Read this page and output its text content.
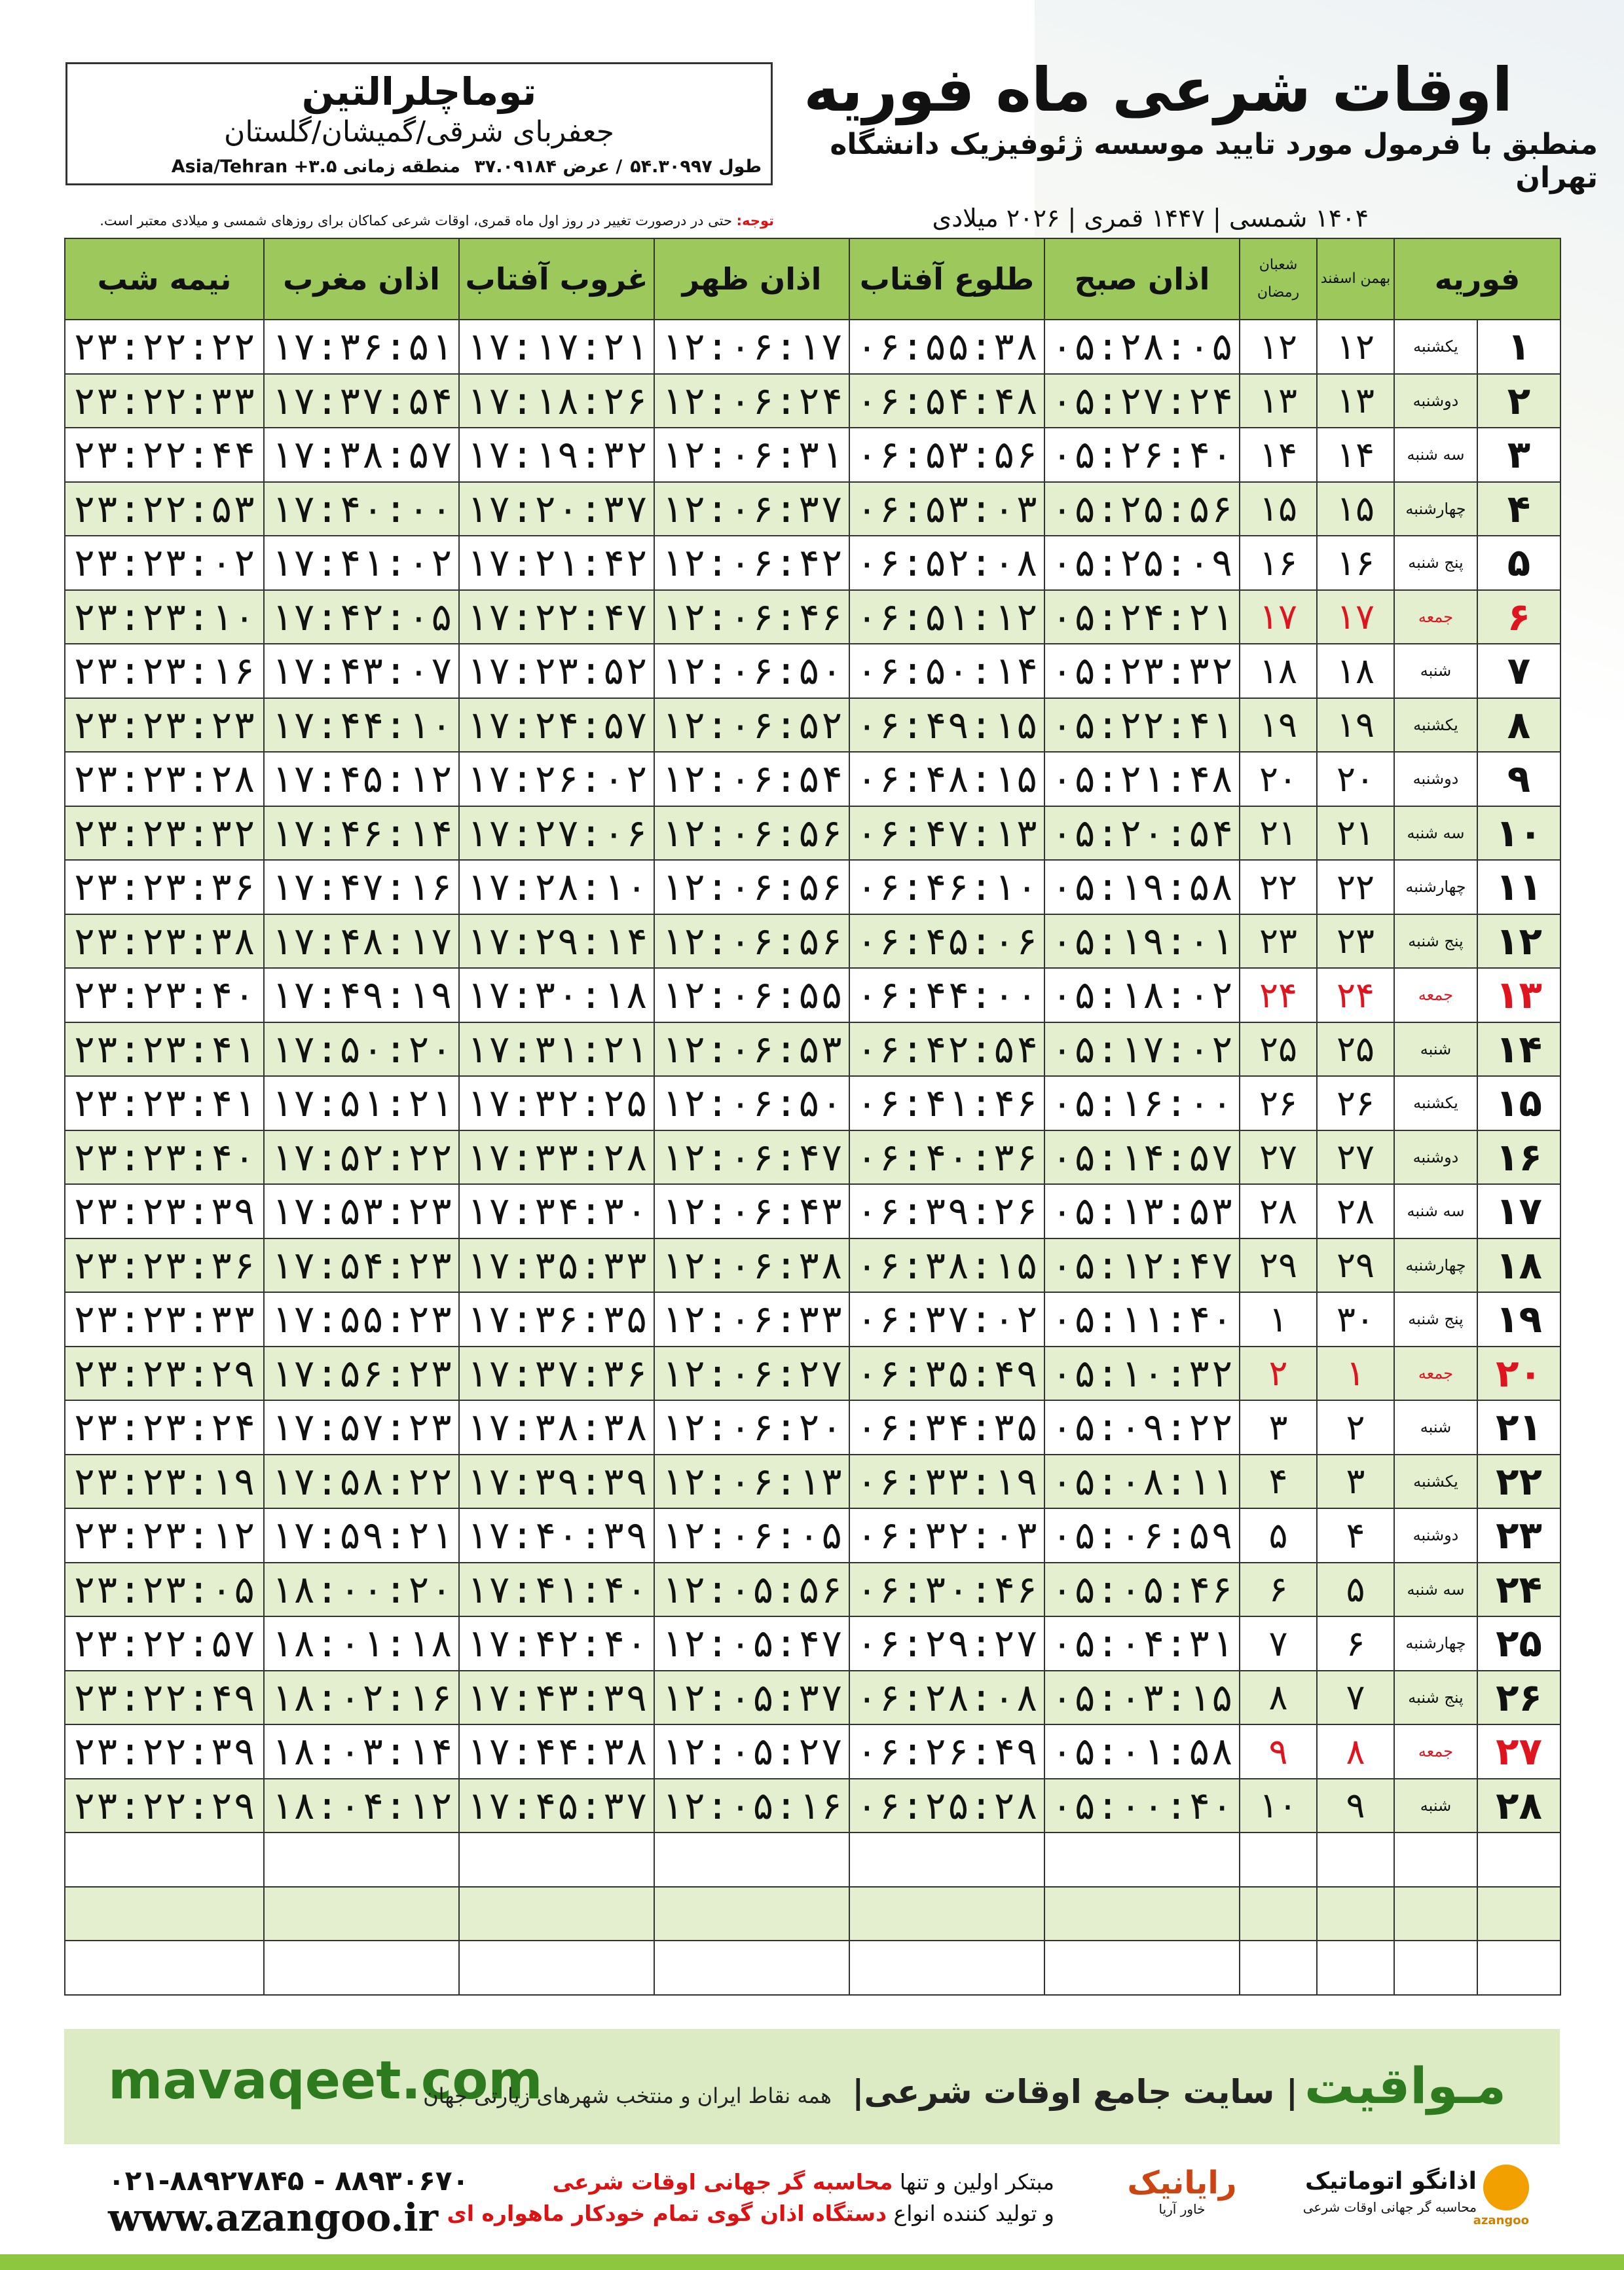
توماچلرالتین
جعفربای شرقی/گمیشان/گلستان
طول ۵۴.۳۰۹۹۷/ عرض ۳۷.۰۹۱۸۴ منطقه زمانی ۳.۵+ Asia/Tehran
اوقات شرعی ماه فوریه
منطبق با فرمول مورد تایید موسسه ژئوفیزیک دانشگاه تهران
۱۴۰۴ شمسی | ۱۴۴۷ قمری | ۲۰۲۶ میلادی
توجه: حتی در درصورت تغییر در روز اول ماه قمری، اوقات شرعی کماکان برای روزهای شمسی و میلادی معتبر است.
فوریه		بهمن اسفند	شعبان رمضان	اذان صبح	طلوع آفتاب	اذان ظهر	غروب آفتاب	اذان مغرب	نیمه شب
۱	یکشنبه	۱۲	۱۲	۰۵:۲۸:۰۵	۰۶:۵۵:۳۸	۱۲:۰۶:۱۷	۱۷:۱۷:۲۱	۱۷:۳۶:۵۱	۲۳:۲۲:۲۲
۲	دوشنبه	۱۳	۱۳	۰۵:۲۷:۲۴	۰۶:۵۴:۴۸	۱۲:۰۶:۲۴	۱۷:۱۸:۲۶	۱۷:۳۷:۵۴	۲۳:۲۲:۳۳
۳	سه شنبه	۱۴	۱۴	۰۵:۲۶:۴۰	۰۶:۵۳:۵۶	۱۲:۰۶:۳۱	۱۷:۱۹:۳۲	۱۷:۳۸:۵۷	۲۳:۲۲:۴۴
۴	چهارشنبه	۱۵	۱۵	۰۵:۲۵:۵۶	۰۶:۵۳:۰۳	۱۲:۰۶:۳۷	۱۷:۲۰:۳۷	۱۷:۴۰:۰۰	۲۳:۲۲:۵۳
۵	پنج شنبه	۱۶	۱۶	۰۵:۲۵:۰۹	۰۶:۵۲:۰۸	۱۲:۰۶:۴۲	۱۷:۲۱:۴۲	۱۷:۴۱:۰۲	۲۳:۲۳:۰۲
۶	جمعه	۱۷	۱۷	۰۵:۲۴:۲۱	۰۶:۵۱:۱۲	۱۲:۰۶:۴۶	۱۷:۲۲:۴۷	۱۷:۴۲:۰۵	۲۳:۲۳:۱۰
۷	شنبه	۱۸	۱۸	۰۵:۲۳:۳۲	۰۶:۵۰:۱۴	۱۲:۰۶:۵۰	۱۷:۲۳:۵۲	۱۷:۴۳:۰۷	۲۳:۲۳:۱۶
۸	یکشنبه	۱۹	۱۹	۰۵:۲۲:۴۱	۰۶:۴۹:۱۵	۱۲:۰۶:۵۲	۱۷:۲۴:۵۷	۱۷:۴۴:۱۰	۲۳:۲۳:۲۳
۹	دوشنبه	۲۰	۲۰	۰۵:۲۱:۴۸	۰۶:۴۸:۱۵	۱۲:۰۶:۵۴	۱۷:۲۶:۰۲	۱۷:۴۵:۱۲	۲۳:۲۳:۲۸
۱۰	سه شنبه	۲۱	۲۱	۰۵:۲۰:۵۴	۰۶:۴۷:۱۳	۱۲:۰۶:۵۶	۱۷:۲۷:۰۶	۱۷:۴۶:۱۴	۲۳:۲۳:۳۲
۱۱	چهارشنبه	۲۲	۲۲	۰۵:۱۹:۵۸	۰۶:۴۶:۱۰	۱۲:۰۶:۵۶	۱۷:۲۸:۱۰	۱۷:۴۷:۱۶	۲۳:۲۳:۳۶
۱۲	پنج شنبه	۲۳	۲۳	۰۵:۱۹:۰۱	۰۶:۴۵:۰۶	۱۲:۰۶:۵۶	۱۷:۲۹:۱۴	۱۷:۴۸:۱۷	۲۳:۲۳:۳۸
۱۳	جمعه	۲۴	۲۴	۰۵:۱۸:۰۲	۰۶:۴۴:۰۰	۱۲:۰۶:۵۵	۱۷:۳۰:۱۸	۱۷:۴۹:۱۹	۲۳:۲۳:۴۰
۱۴	شنبه	۲۵	۲۵	۰۵:۱۷:۰۲	۰۶:۴۲:۵۴	۱۲:۰۶:۵۳	۱۷:۳۱:۲۱	۱۷:۵۰:۲۰	۲۳:۲۳:۴۱
۱۵	یکشنبه	۲۶	۲۶	۰۵:۱۶:۰۰	۰۶:۴۱:۴۶	۱۲:۰۶:۵۰	۱۷:۳۲:۲۵	۱۷:۵۱:۲۱	۲۳:۲۳:۴۱
۱۶	دوشنبه	۲۷	۲۷	۰۵:۱۴:۵۷	۰۶:۴۰:۳۶	۱۲:۰۶:۴۷	۱۷:۳۳:۲۸	۱۷:۵۲:۲۲	۲۳:۲۳:۴۰
۱۷	سه شنبه	۲۸	۲۸	۰۵:۱۳:۵۳	۰۶:۳۹:۲۶	۱۲:۰۶:۴۳	۱۷:۳۴:۳۰	۱۷:۵۳:۲۳	۲۳:۲۳:۳۹
۱۸	چهارشنبه	۲۹	۲۹	۰۵:۱۲:۴۷	۰۶:۳۸:۱۵	۱۲:۰۶:۳۸	۱۷:۳۵:۳۳	۱۷:۵۴:۲۳	۲۳:۲۳:۳۶
۱۹	پنج شنبه	۳۰	۱	۰۵:۱۱:۴۰	۰۶:۳۷:۰۲	۱۲:۰۶:۳۳	۱۷:۳۶:۳۵	۱۷:۵۵:۲۳	۲۳:۲۳:۳۳
۲۰	جمعه	۱	۲	۰۵:۱۰:۳۲	۰۶:۳۵:۴۹	۱۲:۰۶:۲۷	۱۷:۳۷:۳۶	۱۷:۵۶:۲۳	۲۳:۲۳:۲۹
۲۱	شنبه	۲	۳	۰۵:۰۹:۲۲	۰۶:۳۴:۳۵	۱۲:۰۶:۲۰	۱۷:۳۸:۳۸	۱۷:۵۷:۲۳	۲۳:۲۳:۲۴
۲۲	یکشنبه	۳	۴	۰۵:۰۸:۱۱	۰۶:۳۳:۱۹	۱۲:۰۶:۱۳	۱۷:۳۹:۳۹	۱۷:۵۸:۲۲	۲۳:۲۳:۱۹
۲۳	دوشنبه	۴	۵	۰۵:۰۶:۵۹	۰۶:۳۲:۰۳	۱۲:۰۶:۰۵	۱۷:۴۰:۳۹	۱۷:۵۹:۲۱	۲۳:۲۳:۱۲
۲۴	سه شنبه	۵	۶	۰۵:۰۵:۴۶	۰۶:۳۰:۴۶	۱۲:۰۵:۵۶	۱۷:۴۱:۴۰	۱۸:۰۰:۲۰	۲۳:۲۳:۰۵
۲۵	چهارشنبه	۶	۷	۰۵:۰۴:۳۱	۰۶:۲۹:۲۷	۱۲:۰۵:۴۷	۱۷:۴۲:۴۰	۱۸:۰۱:۱۸	۲۳:۲۲:۵۷
۲۶	پنج شنبه	۷	۸	۰۵:۰۳:۱۵	۰۶:۲۸:۰۸	۱۲:۰۵:۳۷	۱۷:۴۳:۳۹	۱۸:۰۲:۱۶	۲۳:۲۲:۴۹
۲۷	جمعه	۸	۹	۰۵:۰۱:۵۸	۰۶:۲۶:۴۹	۱۲:۰۵:۲۷	۱۷:۴۴:۳۸	۱۸:۰۳:۱۴	۲۳:۲۲:۳۹
۲۸	شنبه	۹	۱۰	۰۵:۰۰:۴۰	۰۶:۲۵:۲۸	۱۲:۰۵:۱۶	۱۷:۴۵:۳۷	۱۸:۰۴:۱۲	۲۳:۲۲:۲۹

mavaqeet.com	مـواقیت| سایت جامع اوقات شرعی| همه نقاط ایران و منتخب شهرهای زیارتی جهان
۰۲۱-۸۸۹۲۷۸۴۵ - ۸۸۹۳۰۶۷۰
www.azangoo.ir
مبتکر اولین و تنها محاسبه گر جهانی اوقات شرعی
و تولید کننده انواع دستگاه اذان گوی تمام خودکار ماهواره ای
رایانیک
خاور آریا
اذانگو اتوماتیک
محاسبه گر جهانی اوقات شرعی
azangoo
